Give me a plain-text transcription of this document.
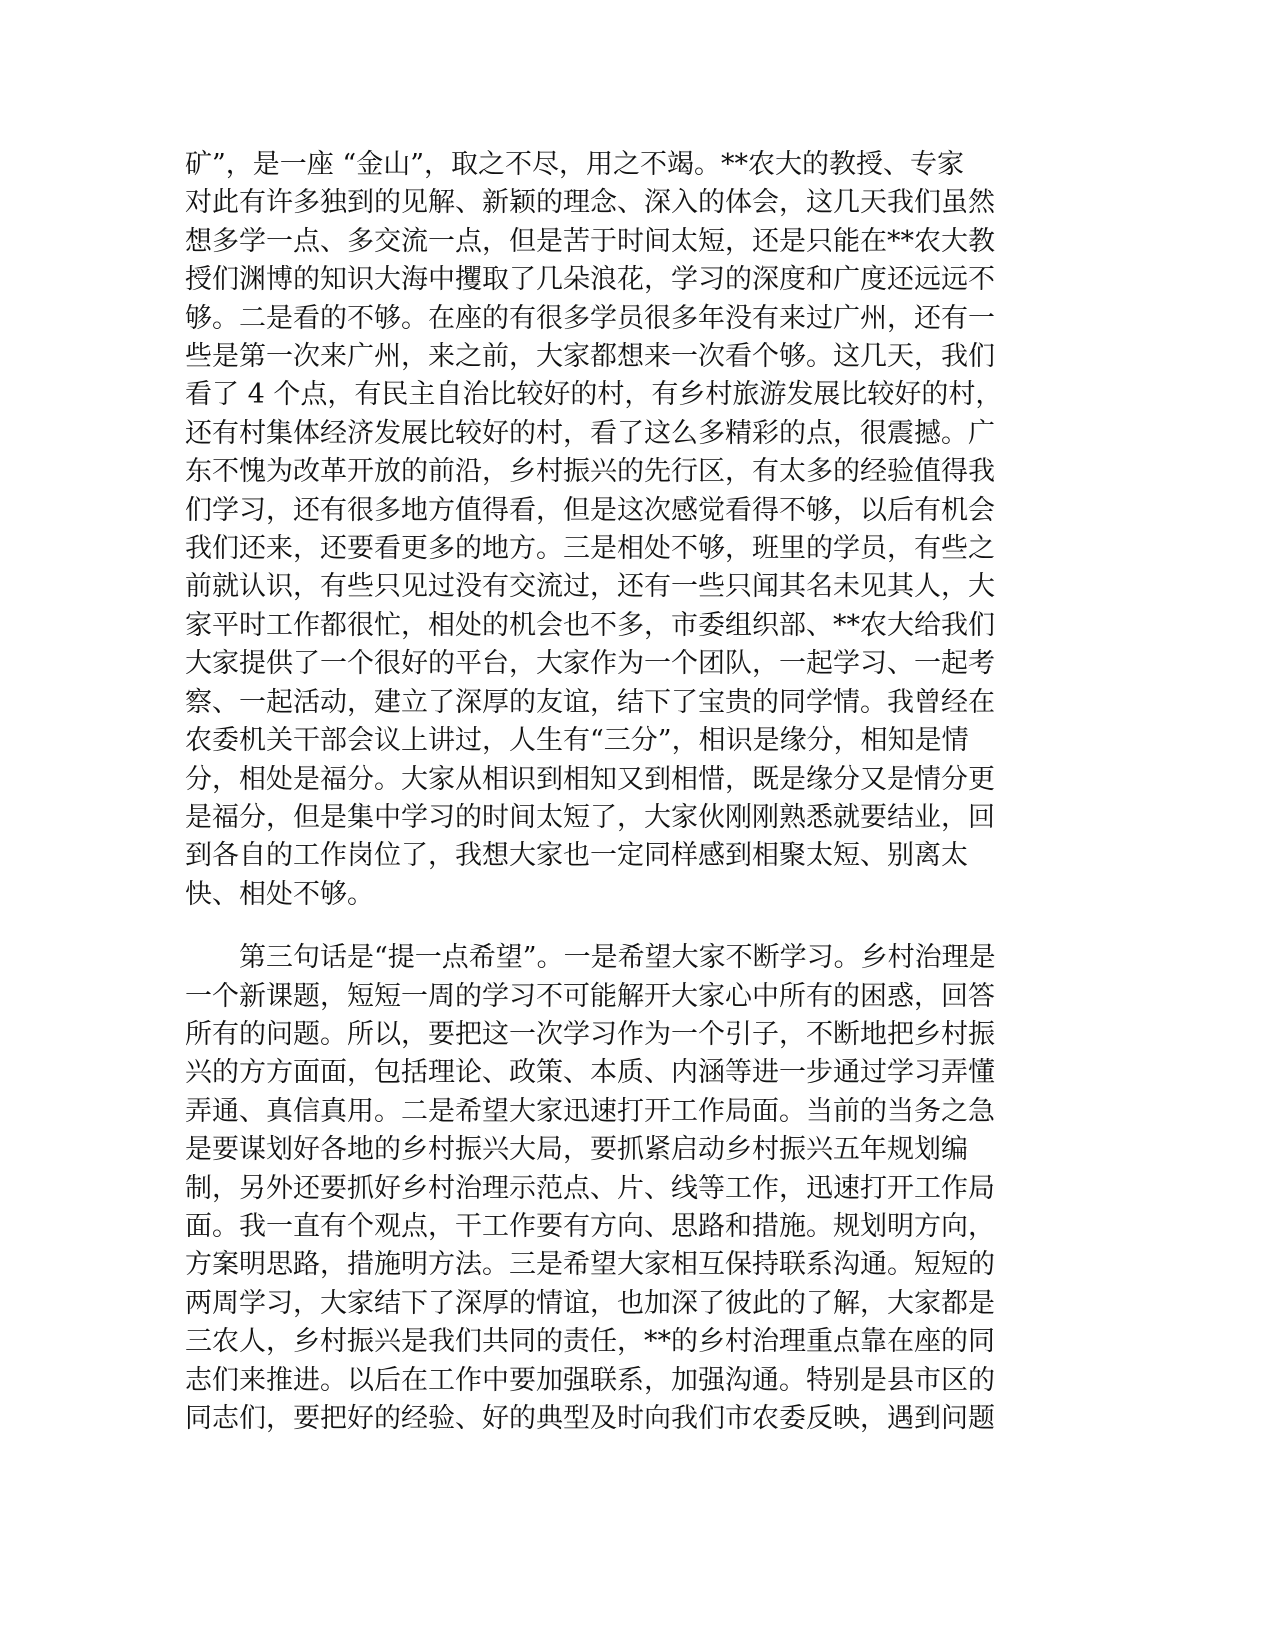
矿”，是一座 “金山”，取之不尽，用之不竭。**农大的教授、专家
对此有许多独到的见解、新颖的理念、深入的体会，这几天我们虽然
想多学一点、多交流一点，但是苦于时间太短，还是只能在**农大教
授们渊博的知识大海中攫取了几朵浪花，学习的深度和广度还远远不
够。二是看的不够。在座的有很多学员很多年没有来过广州，还有一
些是第一次来广州，来之前，大家都想来一次看个够。这几天，我们
看了 4 个点，有民主自治比较好的村，有乡村旅游发展比较好的村，
还有村集体经济发展比较好的村，看了这么多精彩的点，很震撼。广
东不愧为改革开放的前沿，乡村振兴的先行区，有太多的经验值得我
们学习，还有很多地方值得看，但是这次感觉看得不够，以后有机会
我们还来，还要看更多的地方。三是相处不够，班里的学员，有些之
前就认识，有些只见过没有交流过，还有一些只闻其名未见其人，大
家平时工作都很忙，相处的机会也不多，市委组织部、**农大给我们
大家提供了一个很好的平台，大家作为一个团队，一起学习、一起考
察、一起活动，建立了深厚的友谊，结下了宝贵的同学情。我曾经在
农委机关干部会议上讲过，人生有“三分”，相识是缘分，相知是情
分，相处是福分。大家从相识到相知又到相惜，既是缘分又是情分更
是福分，但是集中学习的时间太短了，大家伙刚刚熟悉就要结业，回
到各自的工作岗位了，我想大家也一定同样感到相聚太短、别离太
快、相处不够。
　　第三句话是“提一点希望”。一是希望大家不断学习。乡村治理是
一个新课题，短短一周的学习不可能解开大家心中所有的困惑，回答
所有的问题。所以，要把这一次学习作为一个引子，不断地把乡村振
兴的方方面面，包括理论、政策、本质、内涵等进一步通过学习弄懂
弄通、真信真用。二是希望大家迅速打开工作局面。当前的当务之急
是要谋划好各地的乡村振兴大局，要抓紧启动乡村振兴五年规划编
制，另外还要抓好乡村治理示范点、片、线等工作，迅速打开工作局
面。我一直有个观点，干工作要有方向、思路和措施。规划明方向，
方案明思路，措施明方法。三是希望大家相互保持联系沟通。短短的
两周学习，大家结下了深厚的情谊，也加深了彼此的了解，大家都是
三农人，乡村振兴是我们共同的责任，**的乡村治理重点靠在座的同
志们来推进。以后在工作中要加强联系，加强沟通。特别是县市区的
同志们，要把好的经验、好的典型及时向我们市农委反映，遇到问题
